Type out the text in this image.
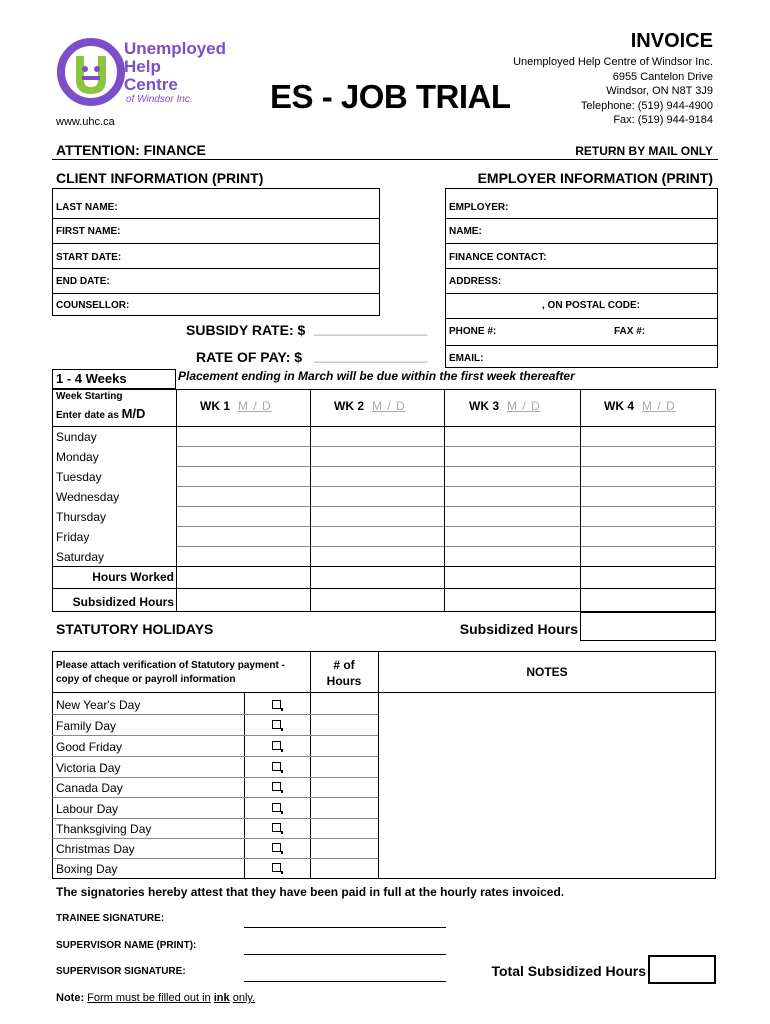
Unemployed
Help
Centre
of Windsor Inc.
www.uhc.ca
ES - JOB TRIAL
INVOICE
Unemployed Help Centre of Windsor Inc.
6955 Cantelon Drive
Windsor, ON N8T 3J9
Telephone: (519) 944-4900
Fax: (519) 944-9184
ATTENTION: FINANCE	RETURN BY MAIL ONLY
CLIENT INFORMATION (PRINT)	EMPLOYER INFORMATION (PRINT)
LAST NAME:
FIRST NAME:
START DATE:
END DATE:
COUNSELLOR:
EMPLOYER:
NAME:
FINANCE CONTACT:
ADDRESS:
, ON POSTAL CODE:
PHONE #:	FAX #:
EMAIL:
SUBSIDY RATE: $ _________________
RATE OF PAY: $ _________________
Placement ending in March will be due within the first week thereafter
1 - 4 Weeks
Week Starting
Enter date as M/D	WK 1 M / D	WK 2 M / D	WK 3 M / D	WK 4 M / D
Sunday
Monday
Tuesday
Wednesday
Thursday
Friday
Saturday
Hours Worked
Subsidized Hours
STATUTORY HOLIDAYS	Subsidized Hours
Please attach verification of Statutory payment -
copy of cheque or payroll information
# of
Hours
NOTES
New Year's Day
Family Day
Good Friday
Victoria Day
Canada Day
Labour Day
Thanksgiving Day
Christmas Day
Boxing Day
The signatories hereby attest that they have been paid in full at the hourly rates invoiced.
TRAINEE SIGNATURE:
SUPERVISOR NAME (PRINT):
SUPERVISOR SIGNATURE:	Total Subsidized Hours
Note: Form must be filled out in ink only.
